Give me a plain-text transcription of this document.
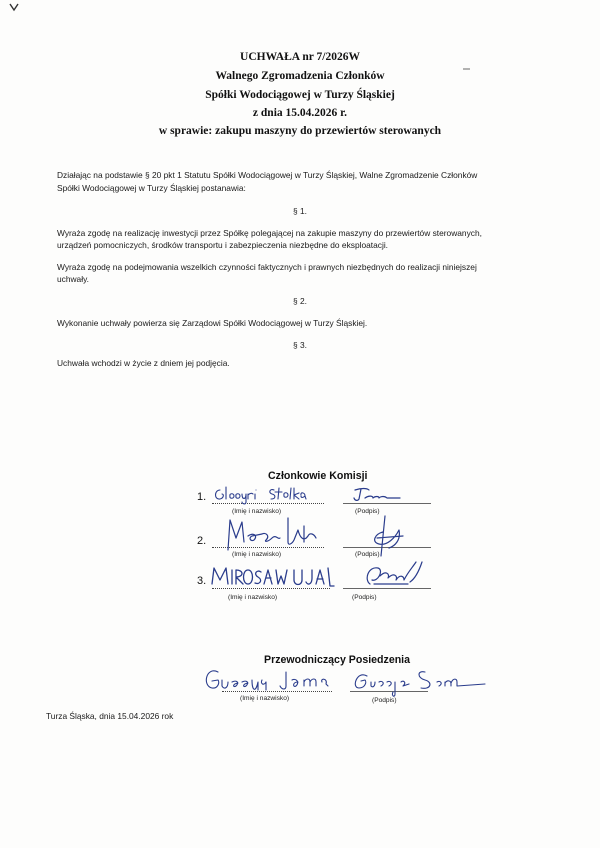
UCHWAŁA nr 7/2026W
Walnego Zgromadzenia Członków
Spółki Wodociągowej w Turzy Śląskiej
z dnia 15.04.2026 r.
w sprawie: zakupu maszyny do przewiertów sterowanych
Działając na podstawie § 20 pkt 1 Statutu Spółki Wodociągowej w Turzy Śląskiej, Walne Zgromadzenie Członków
Spółki Wodociągowej w Turzy Śląskiej postanawia:
§ 1.
Wyraża zgodę na realizację inwestycji przez Spółkę polegającej na zakupie maszyny do przewiertów sterowanych,
urządzeń pomocniczych, środków transportu i zabezpieczenia niezbędne do eksploatacji.
Wyraża zgodę na podejmowania wszelkich czynności faktycznych i prawnych niezbędnych do realizacji niniejszej
uchwały.
§ 2.
Wykonanie uchwały powierza się Zarządowi Spółki Wodociągowej w Turzy Śląskiej.
§ 3.
Uchwała wchodzi w życie z dniem jej podjęcia.
Członkowie Komisji
1.
(Imię i nazwisko)	(Podpis)
2.
(Imię i nazwisko)	(Podpis)
3.
(Imię i nazwisko)	(Podpis)
Przewodniczący Posiedzenia
(Imię i nazwisko)	(Podpis)
Turza Śląska, dnia 15.04.2026 rok
